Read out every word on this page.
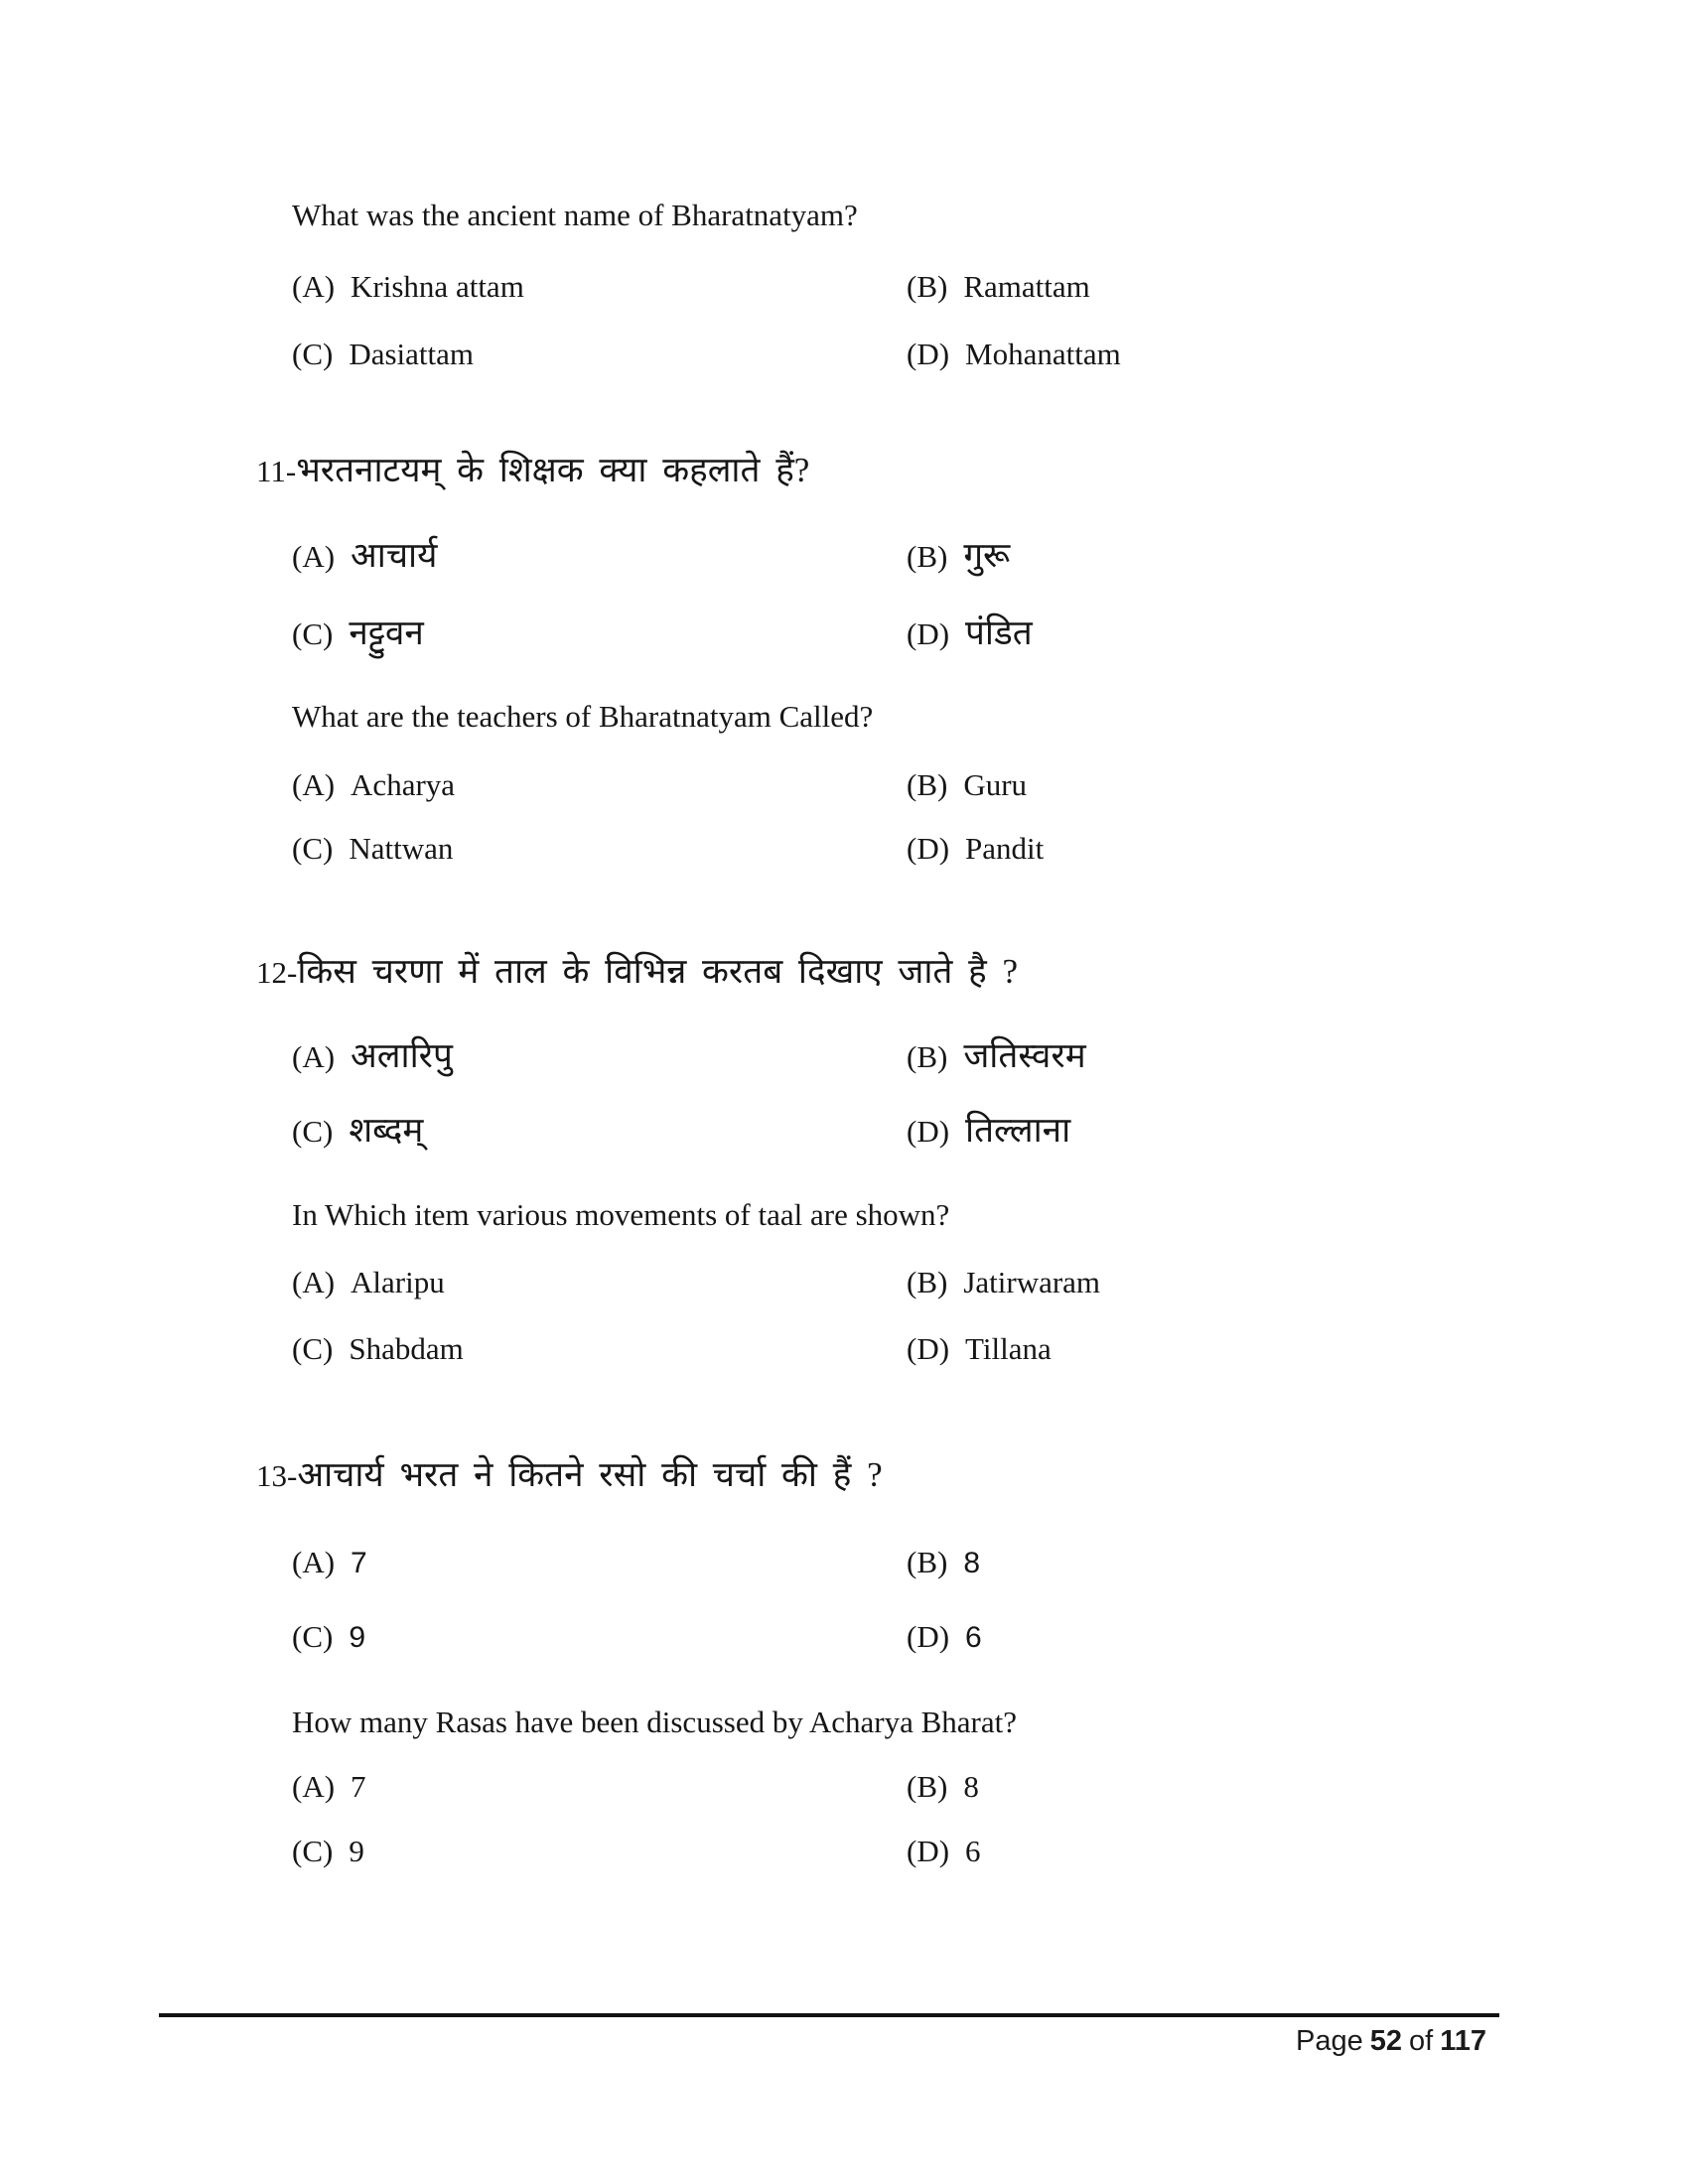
What was the ancient name of Bharatnatyam?
(A) Krishna attam	(B) Ramattam
(C) Dasiattam	(D) Mohanattam
11-भरतनाटयम् के शिक्षक क्या कहलाते हैं?
(A) आचार्य	(B) गुरू
(C) नट्टुवन	(D) पंडित
What are the teachers of Bharatnatyam Called?
(A) Acharya	(B) Guru
(C) Nattwan	(D) Pandit
12-किस चरणा में ताल के विभिन्न करतब दिखाए जाते है ?
(A) अलारिपु	(B) जतिस्वरम
(C) शब्दम्	(D) तिल्लाना
In Which item various movements of taal are shown?
(A) Alaripu	(B) Jatirwaram
(C) Shabdam	(D) Tillana
13-आचार्य भरत ने कितने रसो की चर्चा की हैं ?
(A) 7	(B) 8
(C) 9	(D) 6
How many Rasas have been discussed by Acharya Bharat?
(A) 7	(B) 8
(C) 9	(D) 6
Page 52 of 117
